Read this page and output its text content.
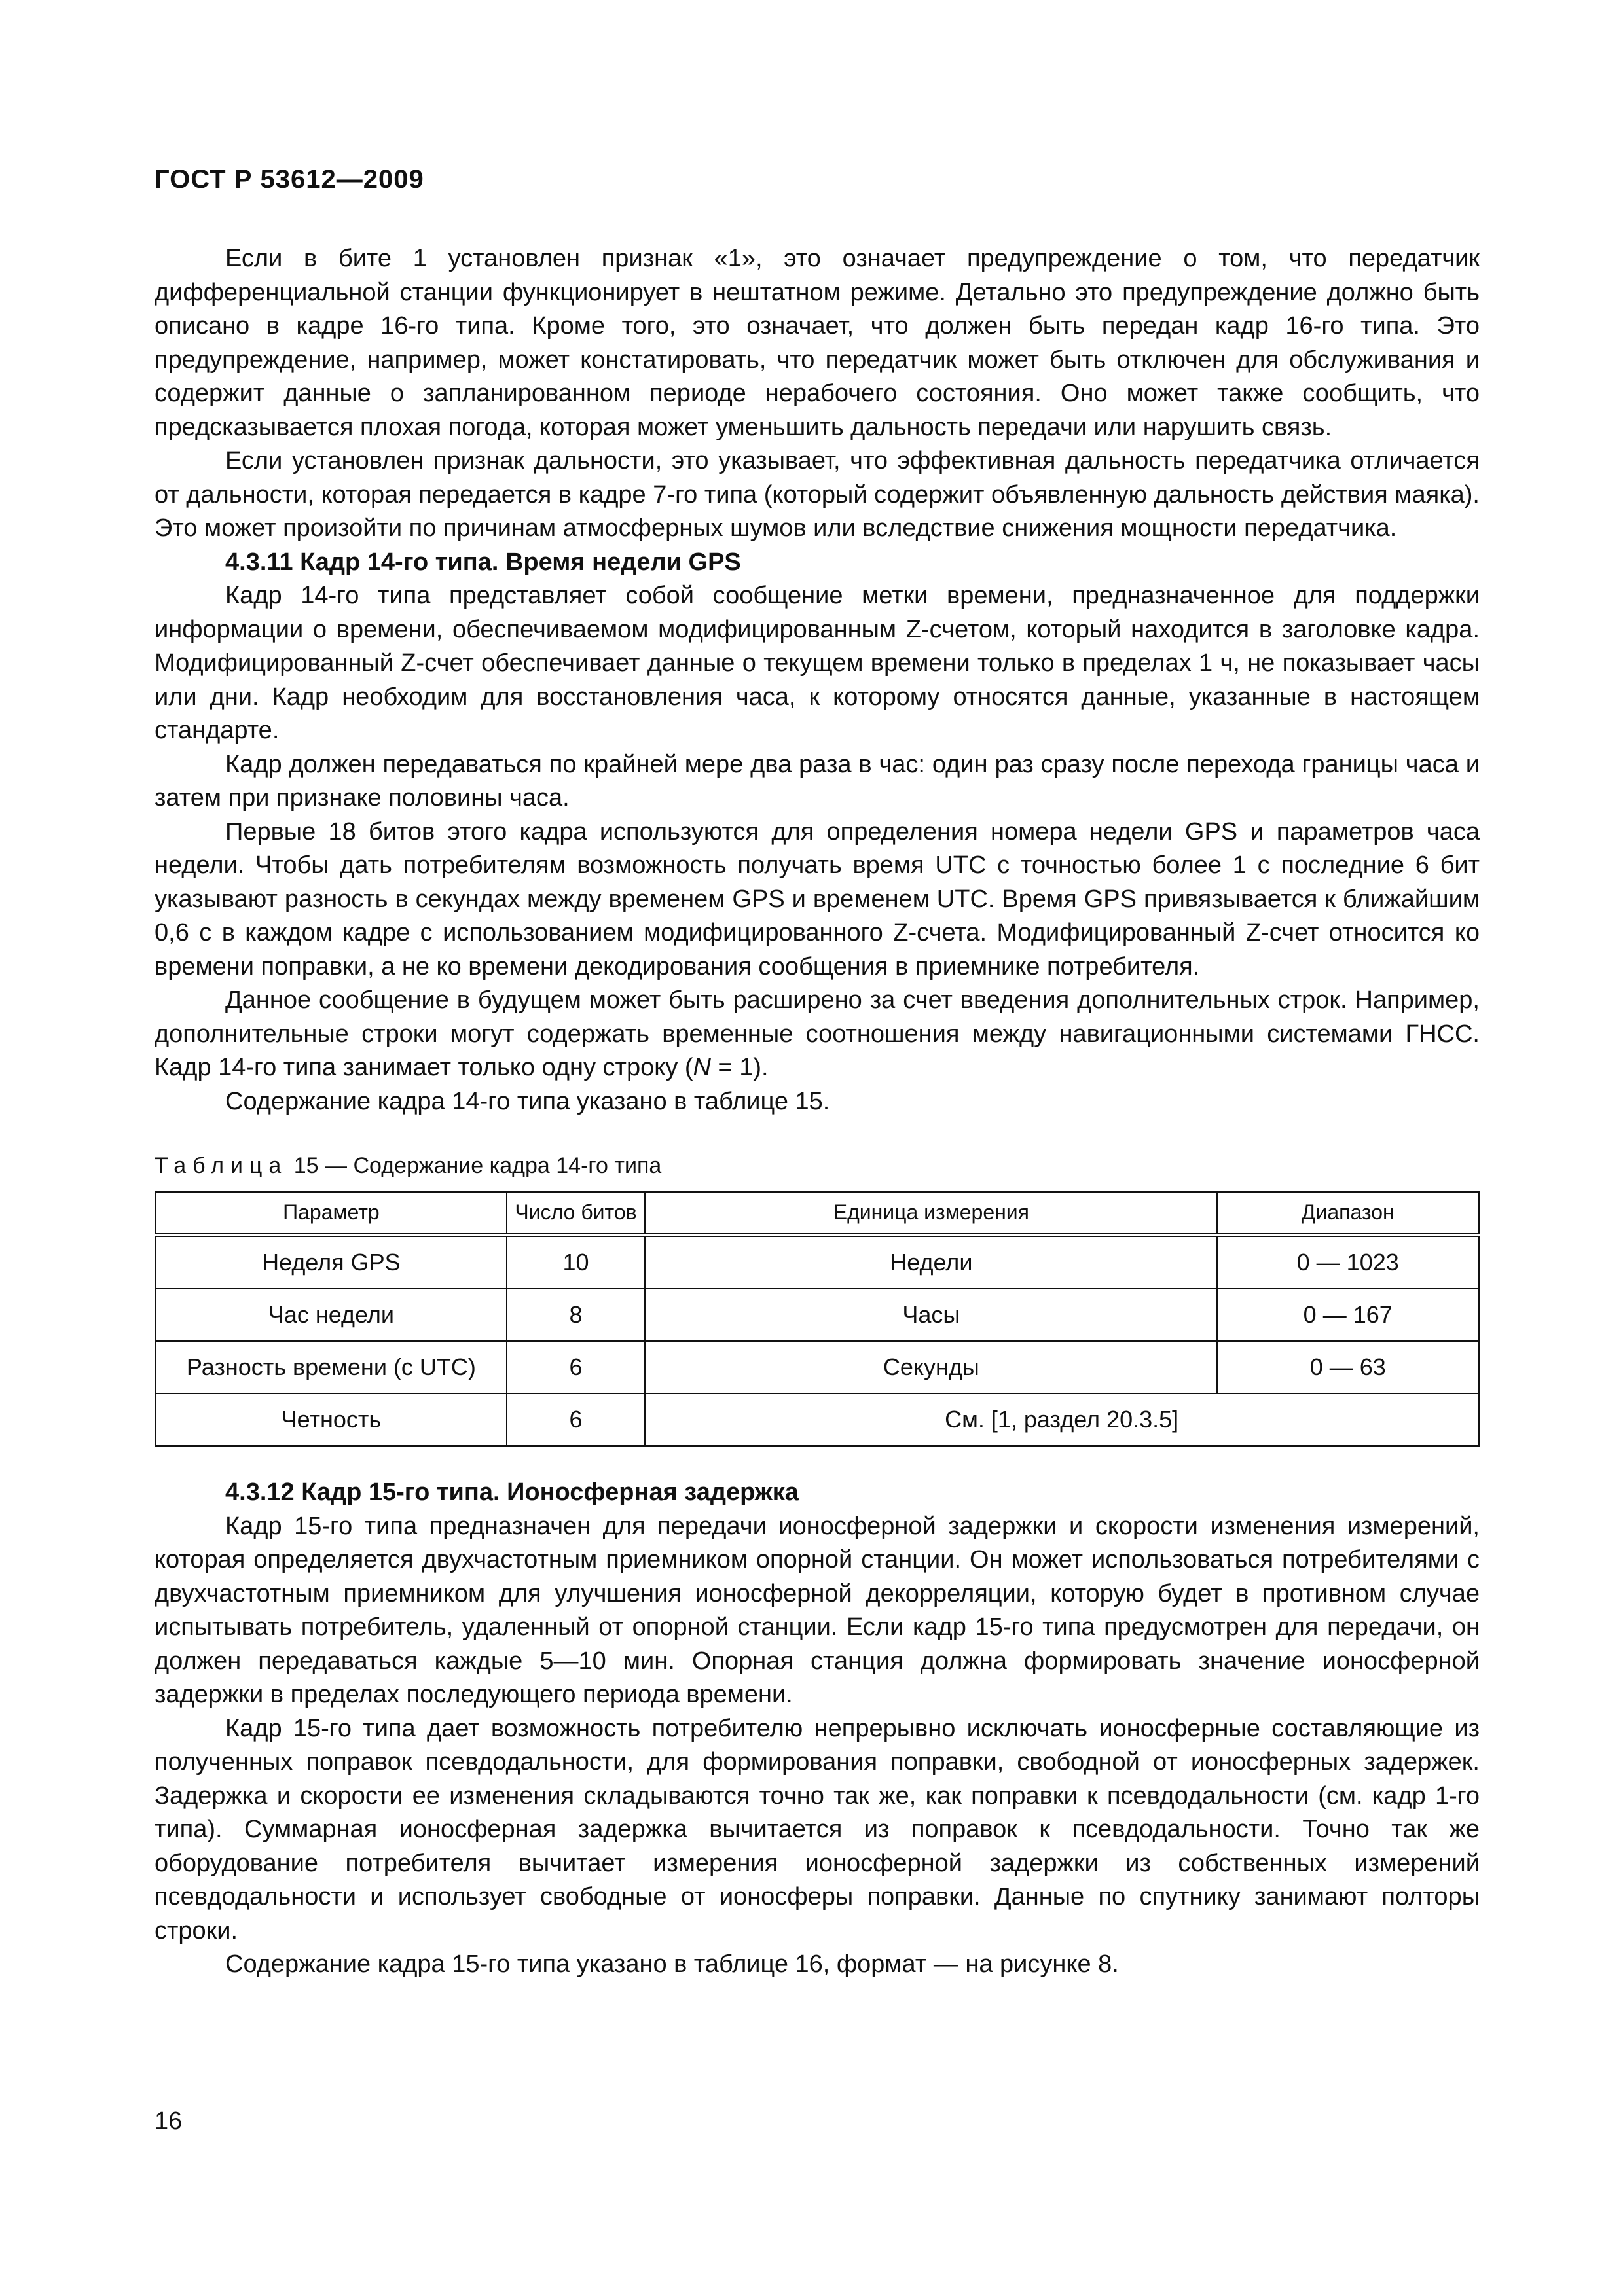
ГОСТ Р 53612—2009

Если в бите 1 установлен признак «1», это означает предупреждение о том, что передатчик дифференциальной станции функционирует в нештатном режиме. Детально это предупреждение должно быть описано в кадре 16-го типа. Кроме того, это означает, что должен быть передан кадр 16-го типа. Это предупреждение, например, может констатировать, что передатчик может быть отключен для обслуживания и содержит данные о запланированном периоде нерабочего состояния. Оно может также сообщить, что предсказывается плохая погода, которая может уменьшить дальность передачи или нарушить связь.

Если установлен признак дальности, это указывает, что эффективная дальность передатчика отличается от дальности, которая передается в кадре 7-го типа (который содержит объявленную дальность действия маяка). Это может произойти по причинам атмосферных шумов или вследствие снижения мощности передатчика.

4.3.11 Кадр 14-го типа. Время недели GPS

Кадр 14-го типа представляет собой сообщение метки времени, предназначенное для поддержки информации о времени, обеспечиваемом модифицированным Z-счетом, который находится в заголовке кадра. Модифицированный Z-счет обеспечивает данные о текущем времени только в пределах 1 ч, не показывает часы или дни. Кадр необходим для восстановления часа, к которому относятся данные, указанные в настоящем стандарте.

Кадр должен передаваться по крайней мере два раза в час: один раз сразу после перехода границы часа и затем при признаке половины часа.

Первые 18 битов этого кадра используются для определения номера недели GPS и параметров часа недели. Чтобы дать потребителям возможность получать время UTC с точностью более 1 с последние 6 бит указывают разность в секундах между временем GPS и временем UTC. Время GPS привязывается к ближайшим 0,6 с в каждом кадре с использованием модифицированного Z-счета. Модифицированный Z-счет относится ко времени поправки, а не ко времени декодирования сообщения в приемнике потребителя.

Данное сообщение в будущем может быть расширено за счет введения дополнительных строк. Например, дополнительные строки могут содержать временные соотношения между навигационными системами ГНСС. Кадр 14-го типа занимает только одну строку (N = 1).

Содержание кадра 14-го типа указано в таблице 15.

Таблица 15 — Содержание кадра 14-го типа
Параметр	Число битов	Единица измерения	Диапазон
Неделя GPS	10	Недели	0 — 1023
Час недели	8	Часы	0 — 167
Разность времени (с UTC)	6	Секунды	0 — 63
Четность	6	См. [1, раздел 20.3.5]	

4.3.12 Кадр 15-го типа. Ионосферная задержка

Кадр 15-го типа предназначен для передачи ионосферной задержки и скорости изменения измерений, которая определяется двухчастотным приемником опорной станции. Он может использоваться потребителями с двухчастотным приемником для улучшения ионосферной декорреляции, которую будет в противном случае испытывать потребитель, удаленный от опорной станции. Если кадр 15-го типа предусмотрен для передачи, он должен передаваться каждые 5—10 мин. Опорная станция должна формировать значение ионосферной задержки в пределах последующего периода времени.

Кадр 15-го типа дает возможность потребителю непрерывно исключать ионосферные составляющие из полученных поправок псевдодальности, для формирования поправки, свободной от ионосферных задержек. Задержка и скорости ее изменения складываются точно так же, как поправки к псевдодальности (см. кадр 1-го типа). Суммарная ионосферная задержка вычитается из поправок к псевдодальности. Точно так же оборудование потребителя вычитает измерения ионосферной задержки из собственных измерений псевдодальности и использует свободные от ионосферы поправки. Данные по спутнику занимают полторы строки.

Содержание кадра 15-го типа указано в таблице 16, формат — на рисунке 8.

16
